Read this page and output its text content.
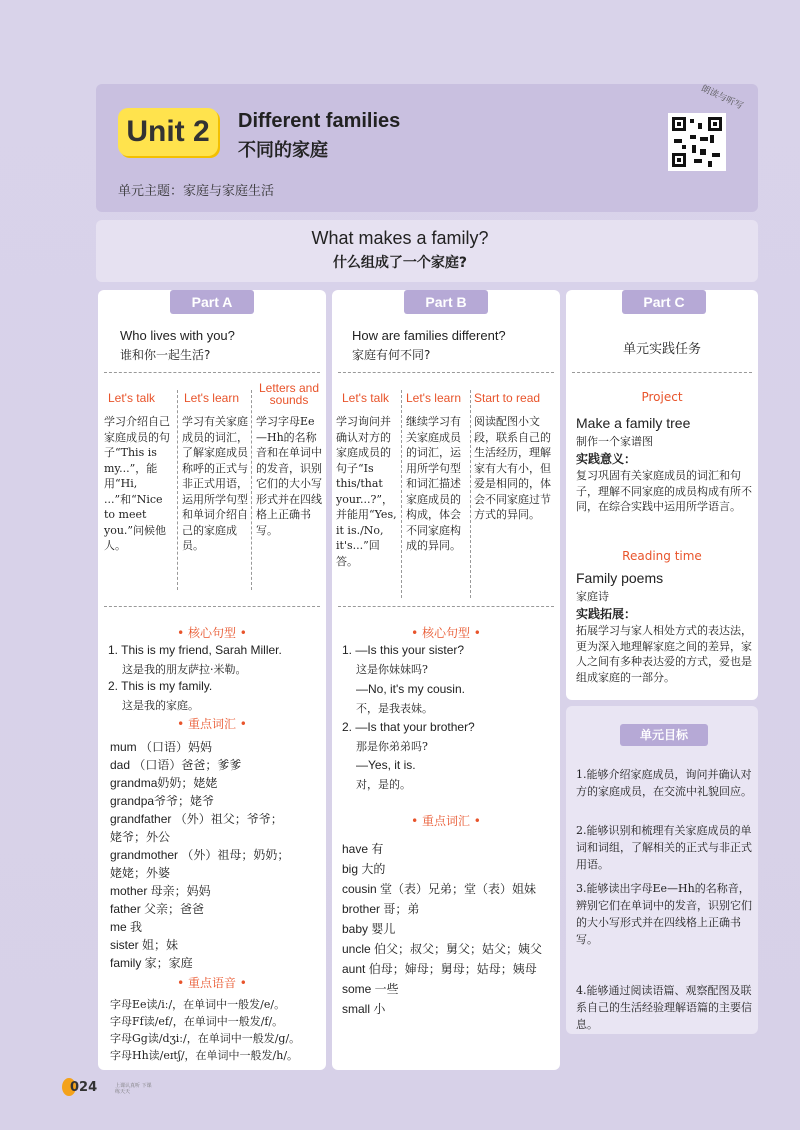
Unit 2	Different families
不同的家庭
单元主题：家庭与家庭生活
朗读与听写
What makes a family?
什么组成了一个家庭?
Part A
Who lives with you?
谁和你一起生活?
Let's talk Let's learn
Letters and sounds
学习介绍自己家庭成员的句子“This is my...”，能用“Hi, ...”和“Nice to meet you.”问候他人。
学习有关家庭成员的词汇，了解家庭成员称呼的正式与非正式用语，运用所学句型和单词介绍自己的家庭成员。
学习字母Ee—Hh的名称音和在单词中的发音，识别它们的大小写形式并在四线格上正确书写。
• 核心句型 •
1. This is my friend, Sarah Miller.
这是我的朋友萨拉·米勒。
2. This is my family.
这是我的家庭。
• 重点词汇 •
mum （口语）妈妈
dad （口语）爸爸；爹爹
grandma奶奶；姥姥
grandpa爷爷；姥爷
grandfather （外）祖父；爷爷；
姥爷；外公
grandmother （外）祖母；奶奶；
姥姥；外婆
mother 母亲；妈妈
father 父亲；爸爸
me 我
sister 姐；妹
family 家；家庭
• 重点语音 •
字母Ee读/iː/，在单词中一般发/e/。
字母Ff读/ef/，在单词中一般发/f/。
字母Gg读/dʒiː/，在单词中一般发/g/。
字母Hh读/eɪtʃ/，在单词中一般发/h/。
Part B
How are families different?
家庭有何不同?
Let's talk Let's learn Start to read
学习询问并确认对方的家庭成员的句子“Is this/that your...?”，并能用“Yes, it is./No, it's...”回答。
继续学习有关家庭成员的词汇，运用所学句型和词汇描述家庭成员的构成，体会不同家庭构成的异同。
阅读配图小文段，联系自己的生活经历，理解家有大有小，但爱是相同的，体会不同家庭过节方式的异同。
• 核心句型 •
1. —Is this your sister?
这是你妹妹吗?
—No, it's my cousin.
不，是我表妹。
2. —Is that your brother?
那是你弟弟吗?
—Yes, it is.
对，是的。
• 重点词汇 •
have 有
big 大的
cousin 堂（表）兄弟；堂（表）姐妹
brother 哥；弟
baby 婴儿
uncle 伯父；叔父；舅父；姑父；姨父
aunt 伯母；婶母；舅母；姑母；姨母
some 一些
small 小
Part C
单元实践任务
Project
Make a family tree
制作一个家谱图
实践意义：
复习巩固有关家庭成员的词汇和句子，理解不同家庭的成员构成有所不同，在综合实践中运用所学语言。
Reading time
Family poems
家庭诗
实践拓展：
拓展学习与家人相处方式的表达法，更为深入地理解家庭之间的差异，家人之间有多种表达爱的方式，爱也是组成家庭的一部分。
单元目标
1.能够介绍家庭成员，询问并确认对方的家庭成员，在交流中礼貌回应。
2.能够识别和梳理有关家庭成员的单词和词组，了解相关的正式与非正式用语。
3.能够读出字母Ee—Hh的名称音，辨别它们在单词中的发音，识别它们的大小写形式并在四线格上正确书写。
4.能够通过阅读语篇、观察配图及联系自己的生活经验理解语篇的主要信息。
024	上课认真听 下课练天天
